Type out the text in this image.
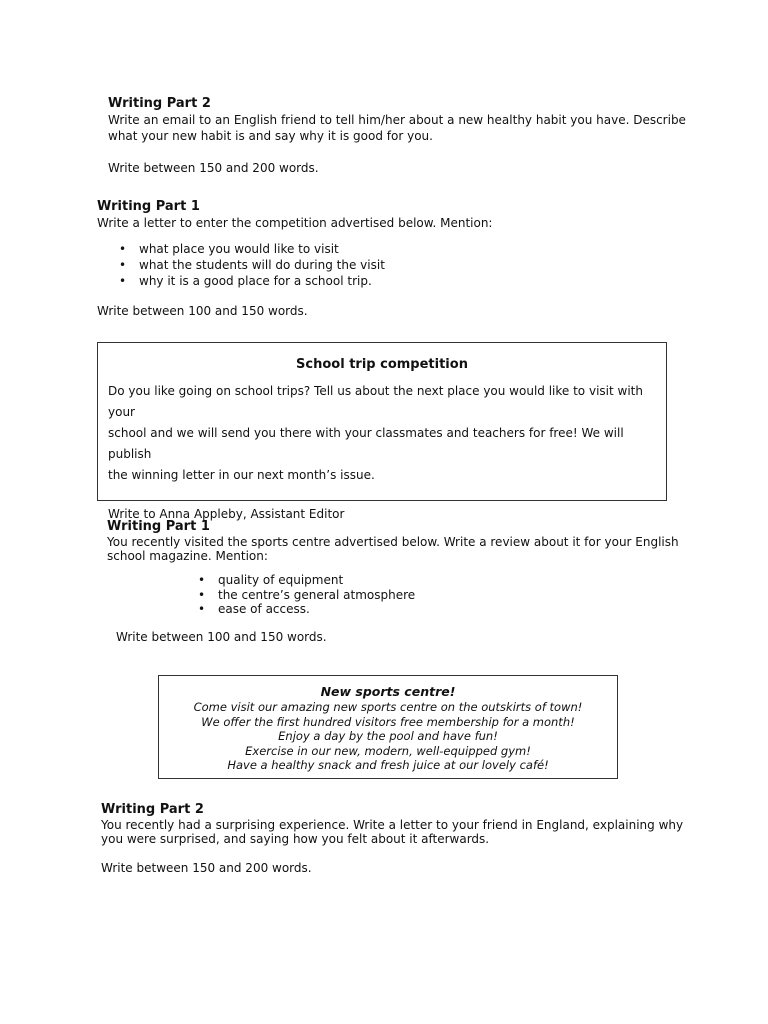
Writing Part 2

Write an email to an English friend to tell him/her about a new healthy habit you have. Describe

what your new habit is and say why it is good for you.

Write between 150 and 200 words.

Writing Part 1

Write a letter to enter the competition advertised below. Mention:

• what place you would like to visit
• what the students will do during the visit
• why it is a good place for a school trip.

Write between 100 and 150 words.

School trip competition

Do you like going on school trips? Tell us about the next place you would like to visit with your

school and we will send you there with your classmates and teachers for free! We will publish

the winning letter in our next month’s issue.

Write to Anna Appleby, Assistant Editor

Writing Part 1

You recently visited the sports centre advertised below. Write a review about it for your English

school magazine. Mention:

• quality of equipment
• the centre’s general atmosphere
• ease of access.

Write between 100 and 150 words.

New sports centre!

Come visit our amazing new sports centre on the outskirts of town!

We offer the first hundred visitors free membership for a month!

Enjoy a day by the pool and have fun!

Exercise in our new, modern, well-equipped gym!

Have a healthy snack and fresh juice at our lovely café!

Writing Part 2

You recently had a surprising experience. Write a letter to your friend in England, explaining why

you were surprised, and saying how you felt about it afterwards.

Write between 150 and 200 words.
